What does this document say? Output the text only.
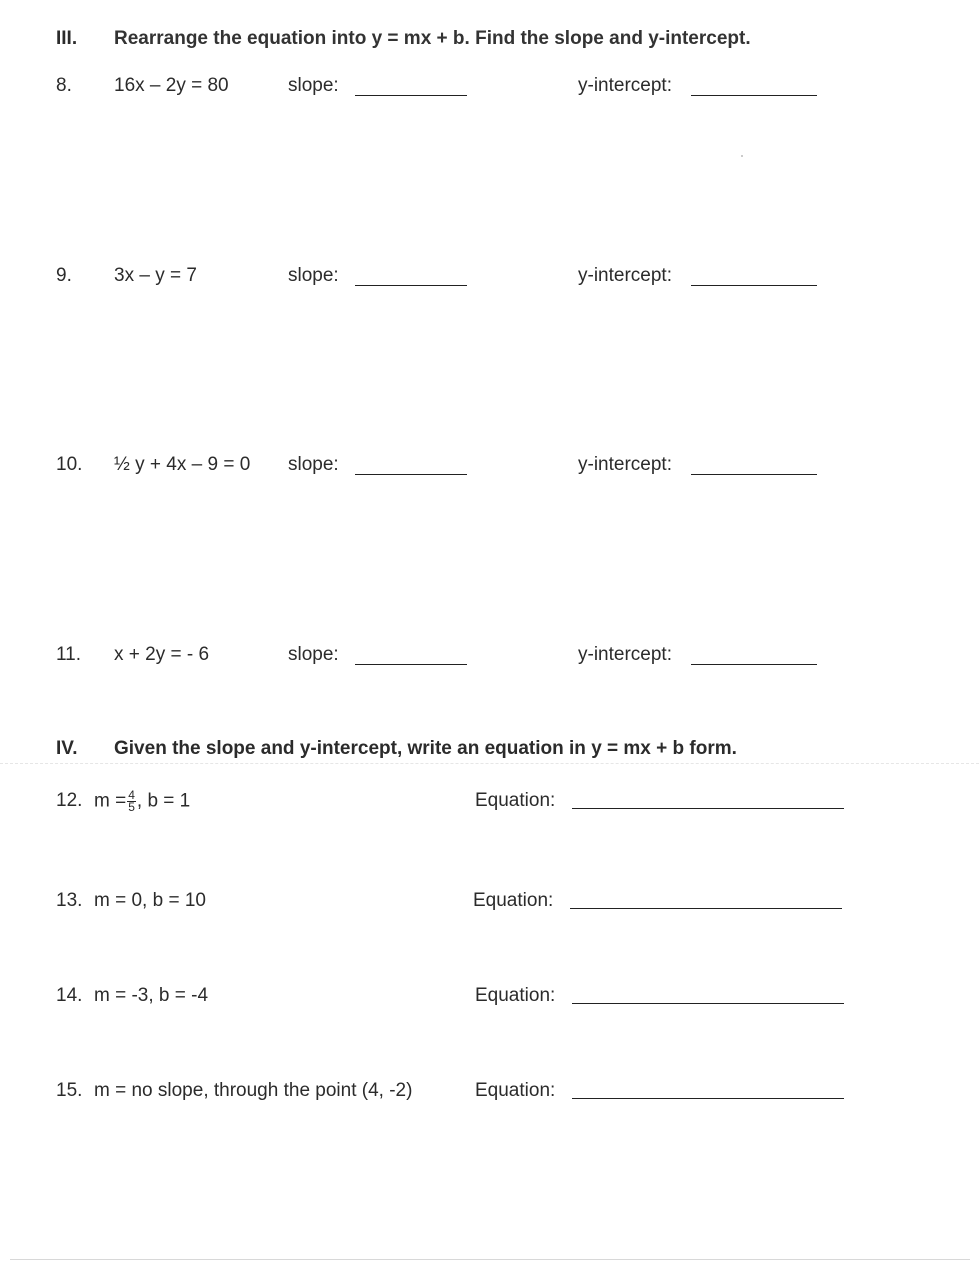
III. Rearrange the equation into y = mx + b. Find the slope and y-intercept.
8. 16x – 2y = 80	slope:	y-intercept:
9. 3x – y = 7	slope:	y-intercept:
10. ½ y + 4x – 9 = 0 slope:	y-intercept:
11. x + 2y = - 6	slope:	y-intercept:
IV. Given the slope and y-intercept, write an equation in y = mx + b form.
12. $m = \frac{4}{5}$ , b = 1	Equation:
13. m = 0, b = 10	Equation:
14. m = -3, b = -4	Equation:
15. m = no slope, through the point (4, -2)	Equation:
